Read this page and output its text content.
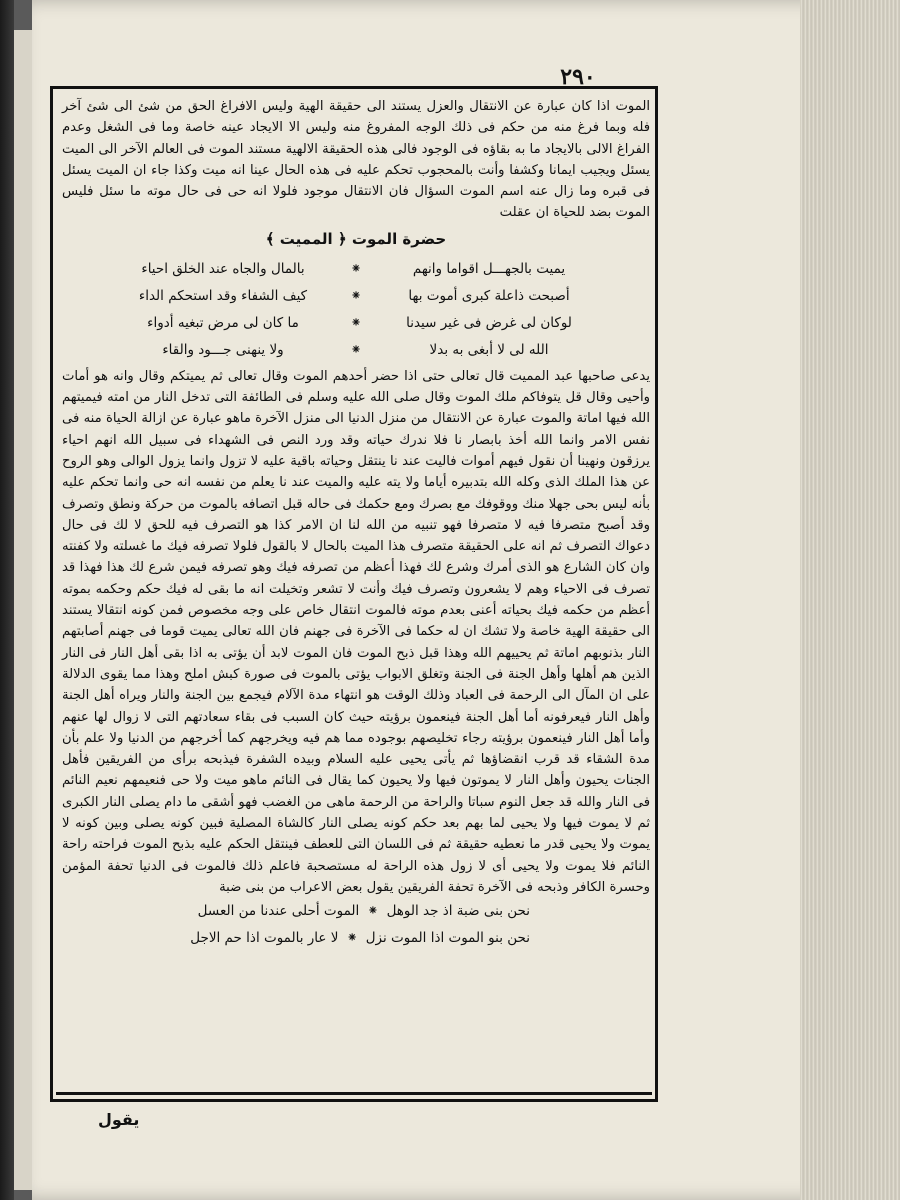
٢٩٠

الموت اذا كان عبارة عن الانتقال والعزل يستند الى حقيقة الهية وليس الافراغ الحق من شئ الى شئ آخر فله وبما فرغ منه من حكم فى ذلك الوجه المفروغ منه وليس الا الايجاد عينه خاصة وما فى الشغل وعدم الفراغ الالى بالايجاد ما به بقاؤه فى الوجود فالى هذه الحقيقة الالهية مستند الموت فى العالم الآخر الى الميت يسئل ويجيب ايمانا وكشفا وأنت بالمحجوب تحكم عليه فى هذه الحال عينا انه ميت وكذا جاء ان الميت يسئل فى قبره وما زال عنه اسم الموت السؤال فان الانتقال موجود فلولا انه حى فى حال موته ما سئل فليس الموت بضد للحياة ان عقلت

حضرة الموت ﴿ المميت ﴾
يميت بالجهـــل اقواما وانهم
⁕
بالمال والجاه عند الخلق احياء
أصبحت ذاعلة كبرى أموت بها
⁕
كيف الشفاء وقد استحكم الداء
لوكان لى غرض فى غير سيدنا
⁕
ما كان لى مرض تبغيه أدواء
الله لى لا أبغى به بدلا
⁕
ولا ينهنى جـــود والقاء

يدعى صاحبها عبد المميت قال تعالى حتى اذا حضر أحدهم الموت وقال تعالى ثم يميتكم وقال وانه هو أمات وأحيى وقال قل يتوفاكم ملك الموت وقال صلى الله عليه وسلم فى الطائفة التى تدخل النار من امته فيميتهم الله فيها اماتة والموت عبارة عن الانتقال من منزل الدنيا الى منزل الآخرة ماهو عبارة عن ازالة الحياة منه فى نفس الامر وانما الله أخذ بابصار نا فلا ندرك حياته وقد ورد النص فى الشهداء فى سبيل الله انهم احياء يرزقون ونهينا أن نقول فيهم أموات فاليت عند نا ينتقل وحياته باقية عليه لا تزول وانما يزول الوالى وهو الروح عن هذا الملك الذى وكله الله بتدبيره أياما ولا يته عليه والميت عند نا يعلم من نفسه انه حى وانما تحكم عليه بأنه ليس بحى جهلا منك ووقوفك مع بصرك ومع حكمك فى حاله قبل اتصافه بالموت من حركة ونطق وتصرف وقد أصبح متصرفا فيه لا متصرفا فهو تنبيه من الله لنا ان الامر كذا هو التصرف فيه للحق لا لك فى حال دعواك التصرف ثم انه على الحقيقة متصرف هذا الميت بالحال لا بالقول فلولا تصرفه فيك ما غسلته ولا كفنته وان كان الشارع هو الذى أمرك وشرع لك فهذا أعظم من تصرفه فيك وهو تصرفه فيمن شرع لك هذا فهذا قد تصرف فى الاحياء وهم لا يشعرون وتصرف فيك وأنت لا تشعر وتخيلت انه ما بقى له فيك حكم وحكمه بموته أعظم من حكمه فيك بحياته أعنى بعدم موته فالموت انتقال خاص على وجه مخصوص فمن كونه انتقالا يستند الى حقيقة الهية خاصة ولا تشك ان له حكما فى الآخرة فى جهنم فان الله تعالى يميت قوما فى جهنم أصابتهم النار بذنوبهم اماتة ثم يحييهم الله وهذا قبل ذبح الموت فان الموت لابد أن يؤتى به اذا بقى أهل النار فى النار الذين هم أهلها وأهل الجنة فى الجنة وتغلق الابواب يؤتى بالموت فى صورة كبش املح وهذا مما يقوى الدلالة على ان المآل الى الرحمة فى العباد وذلك الوقت هو انتهاء مدة الآلام فيجمع بين الجنة والنار ويراه أهل الجنة وأهل النار فيعرفونه أما أهل الجنة فينعمون برؤيته حيث كان السبب فى بقاء سعادتهم التى لا زوال لها عنهم وأما أهل النار فينعمون برؤيته رجاء تخليصهم بوجوده مما هم فيه ويخرجهم كما أخرجهم من الدنيا ولا علم بأن مدة الشقاء قد قرب انقضاؤها ثم يأتى يحيى عليه السلام وبيده الشفرة فيذبحه برأى من الفريقين فأهل الجنات يحيون وأهل النار لا يموتون فيها ولا يحيون كما يقال فى النائم ماهو ميت ولا حى فنعيمهم نعيم النائم فى النار والله قد جعل النوم سباتا والراحة من الرحمة ماهى من الغضب فهو أشقى ما دام يصلى النار الكبرى ثم لا يموت فيها ولا يحيى لما بهم بعد حكم كونه يصلى النار كالشاة المصلية فبين كونه يصلى وبين كونه لا يموت ولا يحيى قدر ما نعطيه حقيقة ثم فى اللسان التى للعطف فينتقل الحكم عليه بذبح الموت فراحته راحة النائم فلا يموت ولا يحيى أى لا زول هذه الراحة له مستصحبة فاعلم ذلك فالموت فى الدنيا تحفة المؤمن وحسرة الكافر وذبحه فى الآخرة تحفة الفريقين يقول بعض الاعراب من بنى ضبة

نحن بنى ضبة اذ جد الوهل
⁕
الموت أحلى عندنا من العسل
نحن بنو الموت اذا الموت نزل
⁕
لا عار بالموت اذا حم الاجل
يقول
